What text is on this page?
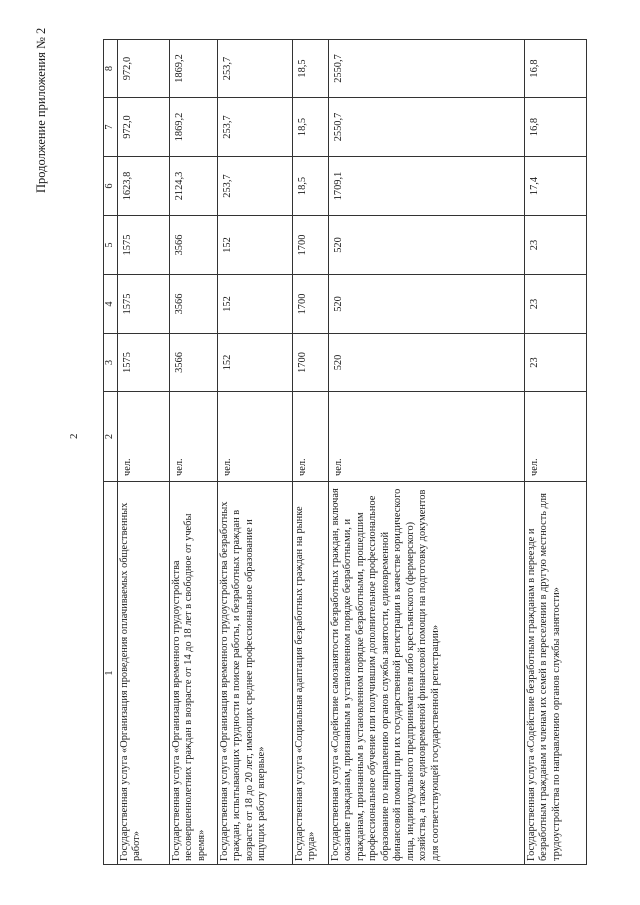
2
Продолжение приложения № 2
1	2	3	4	5	6	7	8
Государственная услуга «Организация проведения оплачиваемых общественных работ»	чел.	1575	1575	1575	1623,8	972,0	972,0
Государственная услуга «Организация временного трудоустройства несовершеннолетних граждан в возрасте от 14 до 18 лет в свободное от учебы время»	чел.	3566	3566	3566	2124,3	1869,2	1869,2
Государственная услуга «Организация временного трудоустройства безработных граждан, испытывающих трудности в поиске работы, и безработных граждан в возрасте от 18 до 20 лет, имеющих среднее профессиональное образование и ищущих работу впервые»	чел.	152	152	152	253,7	253,7	253,7
Государственная услуга «Социальная адаптация безработных граждан на рынке труда»	чел.	1700	1700	1700	18,5	18,5	18,5
Государственная услуга «Содействие самозанятости безработных граждан, включая оказание гражданам, признанным в установленном порядке безработными, и гражданам, признанным в установленном порядке безработными, прошедшим профессиональное обучение или получившим дополнительное профессиональное образование по направлению органов службы занятости, единовременной финансовой помощи при их государственной регистрации в качестве юридического лица, индивидуального предпринимателя либо крестьянского (фермерского) хозяйства, а также единовременной финансовой помощи на подготовку документов для соответствующей государственной регистрации»	чел.	520	520	520	1709,1	2550,7	2550,7
Государственная услуга «Содействие безработным гражданам в переезде и безработным гражданам и членам их семей в переселении в другую местность для трудоустройства по направлению органов службы занятости»	чел.	23	23	23	17,4	16,8	16,8
